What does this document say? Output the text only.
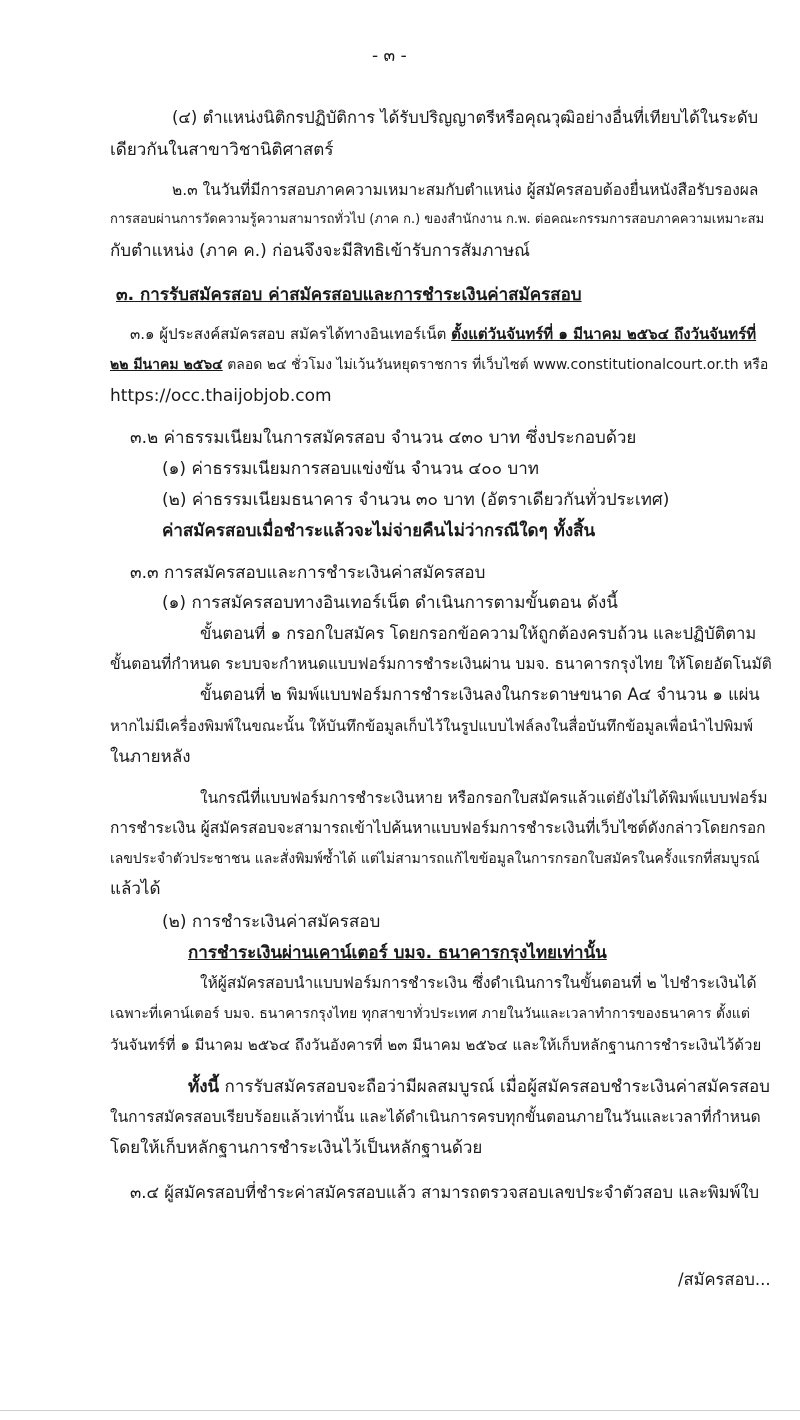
- ๓ -
(๔) ตำแหน่งนิติกรปฏิบัติการ ได้รับปริญญาตรีหรือคุณวุฒิอย่างอื่นที่เทียบได้ในระดับ
เดียวกันในสาขาวิชานิติศาสตร์
๒.๓ ในวันที่มีการสอบภาคความเหมาะสมกับตำแหน่ง ผู้สมัครสอบต้องยื่นหนังสือรับรองผล
การสอบผ่านการวัดความรู้ความสามารถทั่วไป (ภาค ก.) ของสำนักงาน ก.พ. ต่อคณะกรรมการสอบภาคความเหมาะสม
กับตำแหน่ง (ภาค ค.) ก่อนจึงจะมีสิทธิเข้ารับการสัมภาษณ์
๓. การรับสมัครสอบ ค่าสมัครสอบและการชำระเงินค่าสมัครสอบ
๓.๑ ผู้ประสงค์สมัครสอบ สมัครได้ทางอินเทอร์เน็ต ตั้งแต่วันจันทร์ที่ ๑ มีนาคม ๒๕๖๔ ถึงวันจันทร์ที่
๒๒ มีนาคม ๒๕๖๔ ตลอด ๒๔ ชั่วโมง ไม่เว้นวันหยุดราชการ ที่เว็บไซต์ www.constitutionalcourt.or.th หรือ
https://occ.thaijobjob.com
๓.๒ ค่าธรรมเนียมในการสมัครสอบ จำนวน ๔๓๐ บาท ซึ่งประกอบด้วย
(๑) ค่าธรรมเนียมการสอบแข่งขัน จำนวน ๔๐๐ บาท
(๒) ค่าธรรมเนียมธนาคาร จำนวน ๓๐ บาท (อัตราเดียวกันทั่วประเทศ)
ค่าสมัครสอบเมื่อชำระแล้วจะไม่จ่ายคืนไม่ว่ากรณีใดๆ ทั้งสิ้น
๓.๓ การสมัครสอบและการชำระเงินค่าสมัครสอบ
(๑) การสมัครสอบทางอินเทอร์เน็ต ดำเนินการตามขั้นตอน ดังนี้
ขั้นตอนที่ ๑ กรอกใบสมัคร โดยกรอกข้อความให้ถูกต้องครบถ้วน และปฏิบัติตาม
ขั้นตอนที่กำหนด ระบบจะกำหนดแบบฟอร์มการชำระเงินผ่าน บมจ. ธนาคารกรุงไทย ให้โดยอัตโนมัติ
ขั้นตอนที่ ๒ พิมพ์แบบฟอร์มการชำระเงินลงในกระดาษขนาด A๔ จำนวน ๑ แผ่น
หากไม่มีเครื่องพิมพ์ในขณะนั้น ให้บันทึกข้อมูลเก็บไว้ในรูปแบบไฟล์ลงในสื่อบันทึกข้อมูลเพื่อนำไปพิมพ์
ในภายหลัง
ในกรณีที่แบบฟอร์มการชำระเงินหาย หรือกรอกใบสมัครแล้วแต่ยังไม่ได้พิมพ์แบบฟอร์ม
การชำระเงิน ผู้สมัครสอบจะสามารถเข้าไปค้นหาแบบฟอร์มการชำระเงินที่เว็บไซต์ดังกล่าวโดยกรอก
เลขประจำตัวประชาชน และสั่งพิมพ์ซ้ำได้ แต่ไม่สามารถแก้ไขข้อมูลในการกรอกใบสมัครในครั้งแรกที่สมบูรณ์
แล้วได้
(๒) การชำระเงินค่าสมัครสอบ
การชำระเงินผ่านเคาน์เตอร์ บมจ. ธนาคารกรุงไทยเท่านั้น
ให้ผู้สมัครสอบนำแบบฟอร์มการชำระเงิน ซึ่งดำเนินการในขั้นตอนที่ ๒ ไปชำระเงินได้
เฉพาะที่เคาน์เตอร์ บมจ. ธนาคารกรุงไทย ทุกสาขาทั่วประเทศ ภายในวันและเวลาทำการของธนาคาร ตั้งแต่
วันจันทร์ที่ ๑ มีนาคม ๒๕๖๔ ถึงวันอังคารที่ ๒๓ มีนาคม ๒๕๖๔ และให้เก็บหลักฐานการชำระเงินไว้ด้วย
ทั้งนี้ การรับสมัครสอบจะถือว่ามีผลสมบูรณ์ เมื่อผู้สมัครสอบชำระเงินค่าสมัครสอบ
ในการสมัครสอบเรียบร้อยแล้วเท่านั้น และได้ดำเนินการครบทุกขั้นตอนภายในวันและเวลาที่กำหนด
โดยให้เก็บหลักฐานการชำระเงินไว้เป็นหลักฐานด้วย
๓.๔ ผู้สมัครสอบที่ชำระค่าสมัครสอบแล้ว สามารถตรวจสอบเลขประจำตัวสอบ และพิมพ์ใบ
/สมัครสอบ...
